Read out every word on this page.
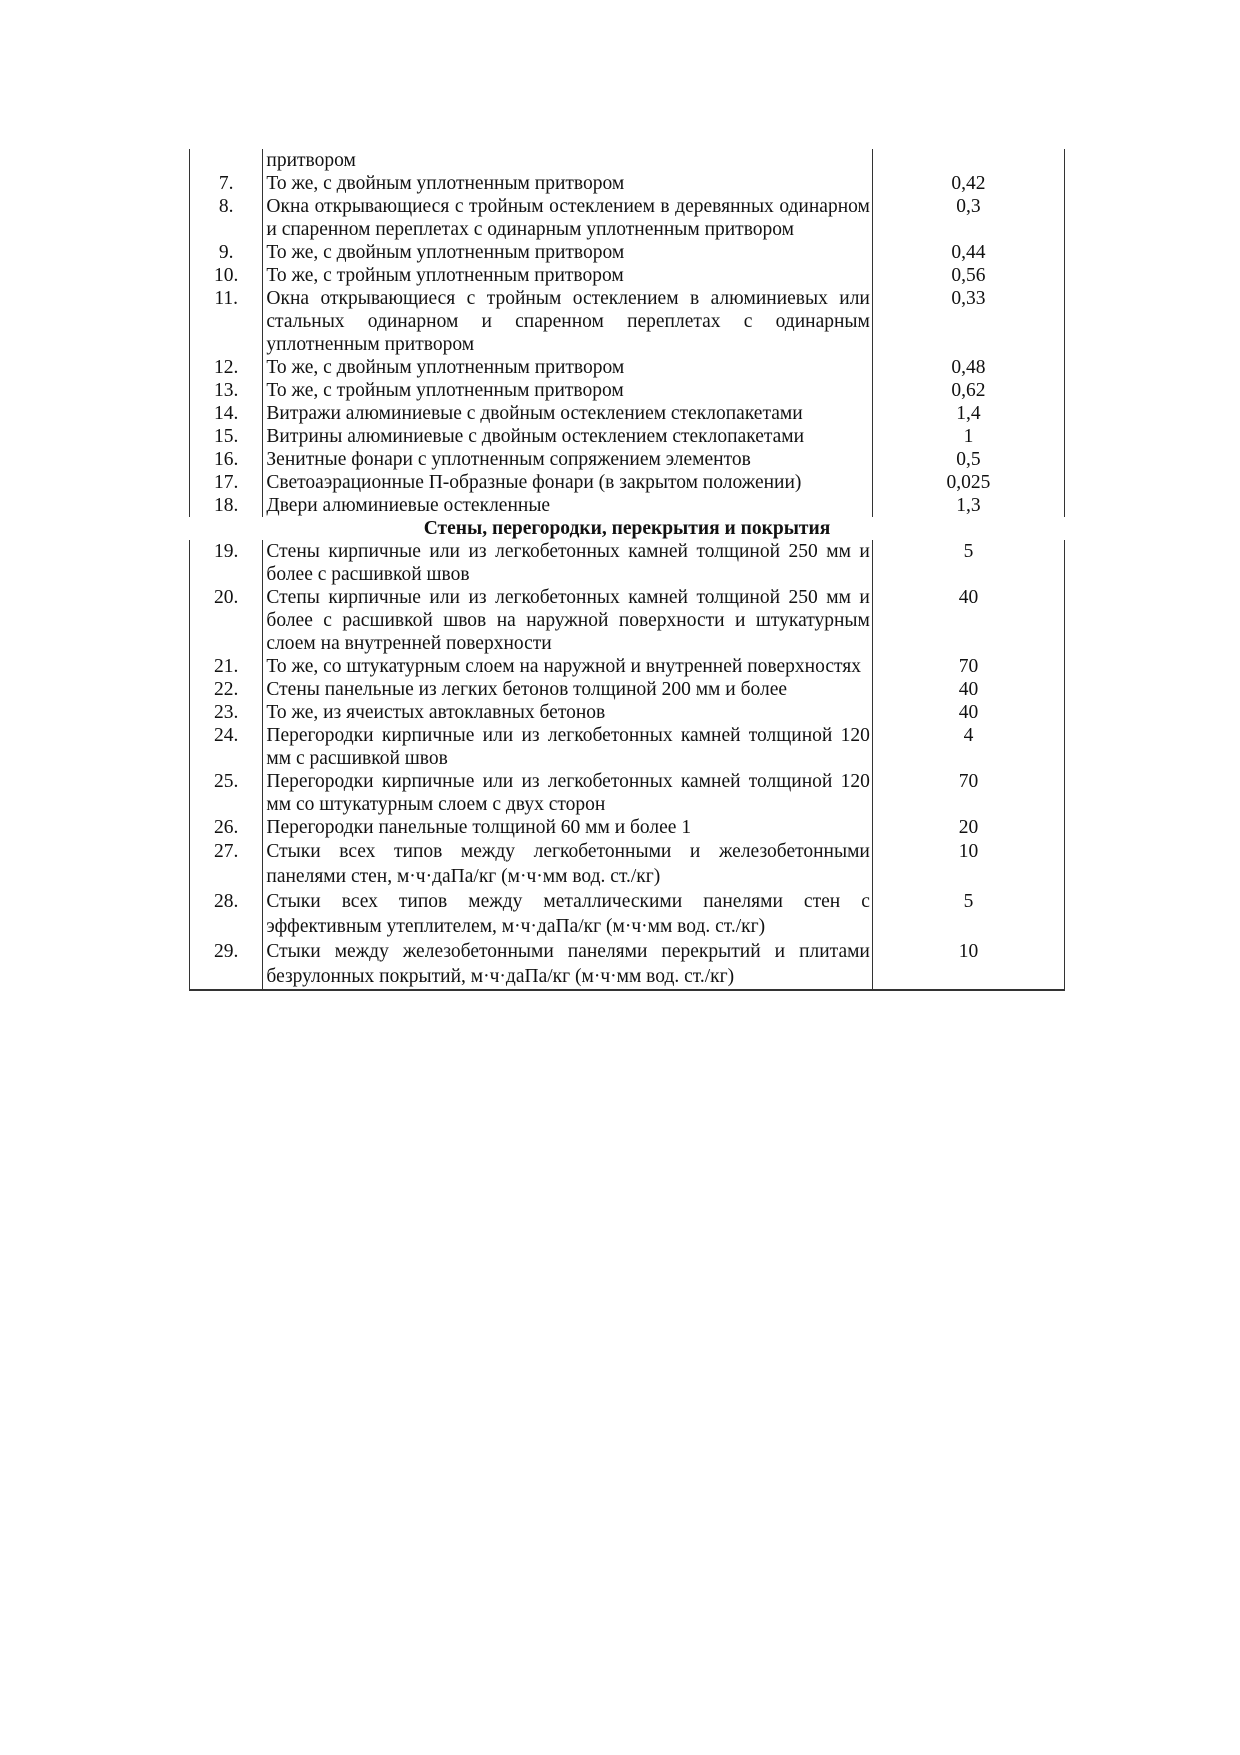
	притвором	
7.	То же, с двойным уплотненным притвором	0,42
8.	Окна открывающиеся с тройным остеклением в деревянных одинарном и спаренном переплетах с одинарным уплотненным притвором	0,3
9.	То же, с двойным уплотненным притвором	0,44
10.	То же, с тройным уплотненным притвором	0,56
11.	Окна открывающиеся с тройным остеклением в алюминиевых или стальных одинарном и спаренном переплетах с одинарным уплотненным притвором	0,33
12.	То же, с двойным уплотненным притвором	0,48
13.	То же, с тройным уплотненным притвором	0,62
14.	Витражи алюминиевые с двойным остеклением стеклопакетами	1,4
15.	Витрины алюминиевые с двойным остеклением стеклопакетами	1
16.	Зенитные фонари с уплотненным сопряжением элементов	0,5
17.	Светоаэрационные П-образные фонари (в закрытом положении)	0,025
18.	Двери алюминиевые остекленные	1,3
Стены, перегородки, перекрытия и покрытия		
19.	Стены кирпичные или из легкобетонных камней толщиной 250 мм и более с расшивкой швов	5
20.	Степы кирпичные или из легкобетонных камней толщиной 250 мм и более с расшивкой швов на наружной поверхности и штукатурным слоем на внутренней поверхности	40
21.	То же, со штукатурным слоем на наружной и внутренней поверхностях	70
22.	Стены панельные из легких бетонов толщиной 200 мм и более	40
23.	То же, из ячеистых автоклавных бетонов	40
24.	Перегородки кирпичные или из легкобетонных камней толщиной 120 мм с расшивкой швов	4
25.	Перегородки кирпичные или из легкобетонных камней толщиной 120 мм со штукатурным слоем с двух сторон	70
26.	Перегородки панельные толщиной 60 мм и более 1	20
27.	Стыки всех типов между легкобетонными и железобетонными панелями стен, м·ч·даПа/кг (м·ч·мм вод. ст./кг)	10
28.	Стыки всех типов между металлическими панелями стен с эффективным утеплителем, м·ч·даПа/кг (м·ч·мм вод. ст./кг)	5
29.	Стыки между железобетонными панелями перекрытий и плитами безрулонных покрытий, м·ч·даПа/кг (м·ч·мм вод. ст./кг)	10
